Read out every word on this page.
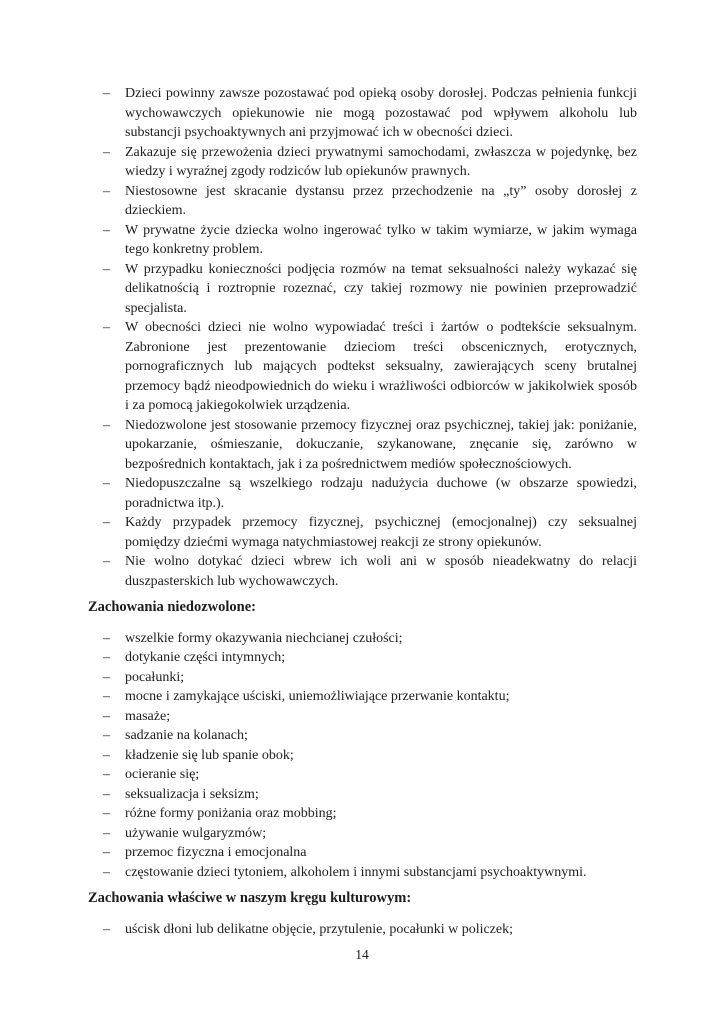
– Dzieci powinny zawsze pozostawać pod opieką osoby dorosłej. Podczas pełnienia funkcji wychowawczych opiekunowie nie mogą pozostawać pod wpływem alkoholu lub substancji psychoaktywnych ani przyjmować ich w obecności dzieci.
– Zakazuje się przewożenia dzieci prywatnymi samochodami, zwłaszcza w pojedynkę, bez wiedzy i wyraźnej zgody rodziców lub opiekunów prawnych.
– Niestosowne jest skracanie dystansu przez przechodzenie na „ty” osoby dorosłej z dzieckiem.
– W prywatne życie dziecka wolno ingerować tylko w takim wymiarze, w jakim wymaga tego konkretny problem.
– W przypadku konieczności podjęcia rozmów na temat seksualności należy wykazać się delikatnością i roztropnie rozeznać, czy takiej rozmowy nie powinien przeprowadzić specjalista.
– W obecności dzieci nie wolno wypowiadać treści i żartów o podtekście seksualnym. Zabronione jest prezentowanie dzieciom treści obscenicznych, erotycznych, pornograficznych lub mających podtekst seksualny, zawierających sceny brutalnej przemocy bądź nieodpowiednich do wieku i wrażliwości odbiorców w jakikolwiek sposób i za pomocą jakiegokolwiek urządzenia.
– Niedozwolone jest stosowanie przemocy fizycznej oraz psychicznej, takiej jak: poniżanie, upokarzanie, ośmieszanie, dokuczanie, szykanowane, znęcanie się, zarówno w bezpośrednich kontaktach, jak i za pośrednictwem mediów społecznościowych.
– Niedopuszczalne są wszelkiego rodzaju nadużycia duchowe (w obszarze spowiedzi, poradnictwa itp.).
– Każdy przypadek przemocy fizycznej, psychicznej (emocjonalnej) czy seksualnej pomiędzy dziećmi wymaga natychmiastowej reakcji ze strony opiekunów.
– Nie wolno dotykać dzieci wbrew ich woli ani w sposób nieadekwatny do relacji duszpasterskich lub wychowawczych.
Zachowania niedozwolone:
– wszelkie formy okazywania niechcianej czułości;
– dotykanie części intymnych;
– pocałunki;
– mocne i zamykające uściski, uniemożliwiające przerwanie kontaktu;
– masaże;
– sadzanie na kolanach;
– kładzenie się lub spanie obok;
– ocieranie się;
– seksualizacja i seksizm;
– różne formy poniżania oraz mobbing;
– używanie wulgaryzmów;
– przemoc fizyczna i emocjonalna
– częstowanie dzieci tytoniem, alkoholem i innymi substancjami psychoaktywnymi.
Zachowania właściwe w naszym kręgu kulturowym:
– uścisk dłoni lub delikatne objęcie, przytulenie, pocałunki w policzek;
14
